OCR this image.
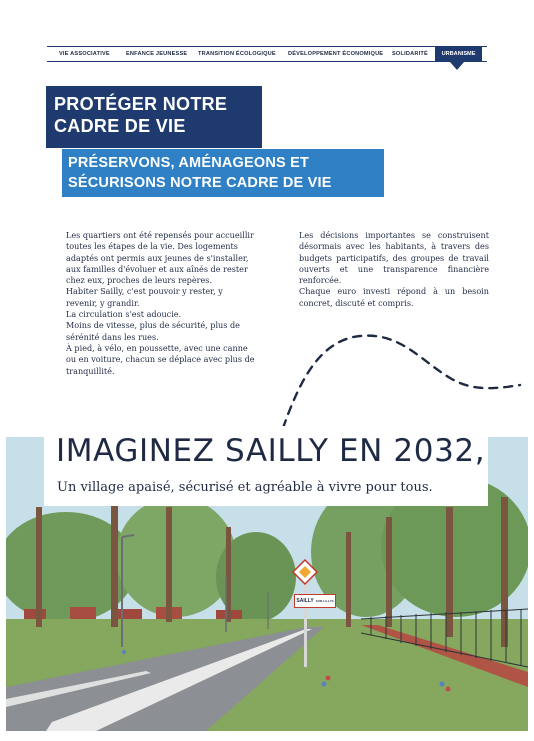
VIE ASSOCIATIVE	ENFANCE JEUNESSE TRANSITION ÉCOLOGIQUE DÉVELOPPEMENT ÉCONOMIQUE SOLIDARITÉ	URBANISME
PROTÉGER NOTRE
CADRE DE VIE
PRÉSERVONS, AMÉNAGEONS ET
SÉCURISONS NOTRE CADRE DE VIE

Les quartiers ont été repensés pour accueillir toutes les étapes de la vie. Des logements adaptés ont permis aux jeunes de s'installer, aux familles d'évoluer et aux aînés de rester chez eux, proches de leurs repères.

Habiter Sailly, c'est pouvoir y rester, y revenir, y grandir.

La circulation s'est adoucie.

Moins de vitesse, plus de sécurité, plus de sérénité dans les rues.

À pied, à vélo, en poussette, avec une canne ou en voiture, chacun se déplace avec plus de tranquillité.

Les décisions importantes se construisent désormais avec les habitants, à travers des budgets participatifs, des groupes de travail ouverts et une transparence financière renforcée.

Chaque euro investi répond à un besoin concret, discuté et compris.

SAILLY SUR-LA-LYS
IMAGINEZ SAILLY EN 2032,
Un village apaisé, sécurisé et agréable à vivre pour tous.
